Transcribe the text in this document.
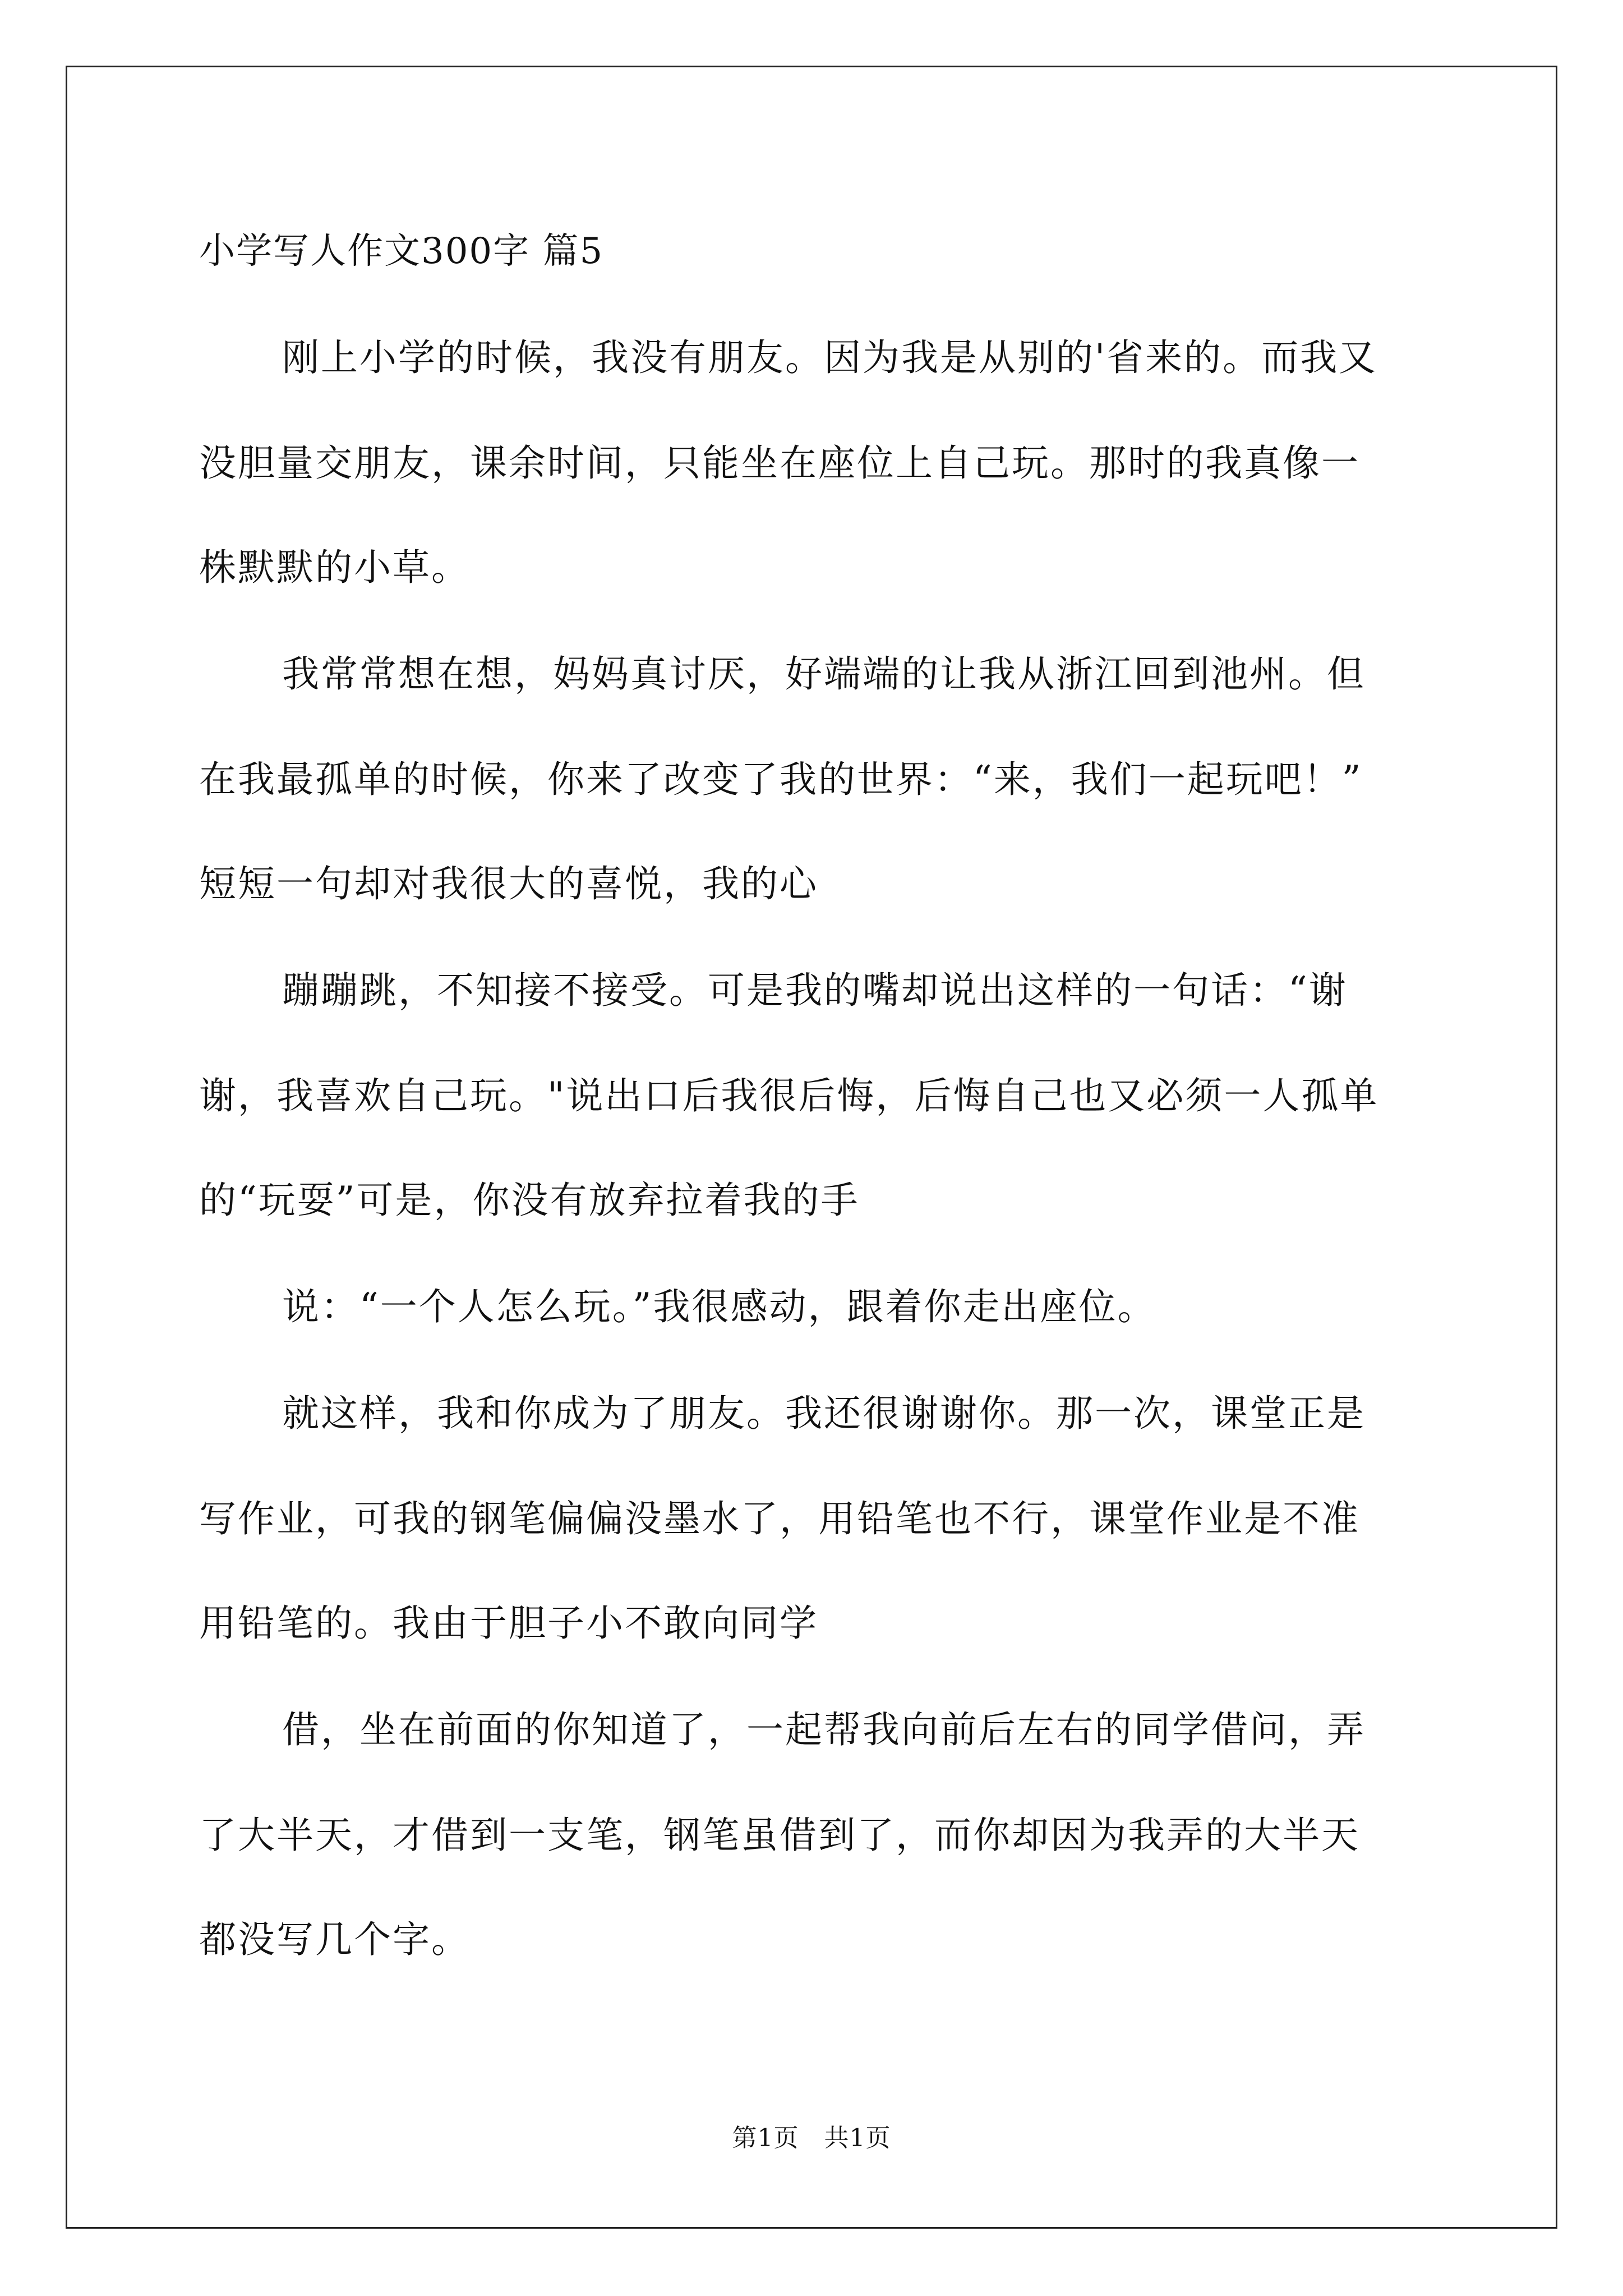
小学写人作文300字 篇5
刚上小学的时候，我没有朋友。因为我是从别的'省来的。而我又
没胆量交朋友，课余时间，只能坐在座位上自己玩。那时的我真像一
株默默的小草。
我常常想在想，妈妈真讨厌，好端端的让我从浙江回到池州。但
在我最孤单的时候，你来了改变了我的世界：“来，我们一起玩吧！”
短短一句却对我很大的喜悦，我的心
蹦蹦跳，不知接不接受。可是我的嘴却说出这样的一句话：“谢
谢，我喜欢自己玩。"说出口后我很后悔，后悔自己也又必须一人孤单
的“玩耍”可是，你没有放弃拉着我的手
说：“一个人怎么玩。”我很感动，跟着你走出座位。
就这样，我和你成为了朋友。我还很谢谢你。那一次，课堂正是
写作业，可我的钢笔偏偏没墨水了，用铅笔也不行，课堂作业是不准
用铅笔的。我由于胆子小不敢向同学
借，坐在前面的你知道了，一起帮我向前后左右的同学借问，弄
了大半天，才借到一支笔，钢笔虽借到了，而你却因为我弄的大半天
都没写几个字。
第1页　共1页
